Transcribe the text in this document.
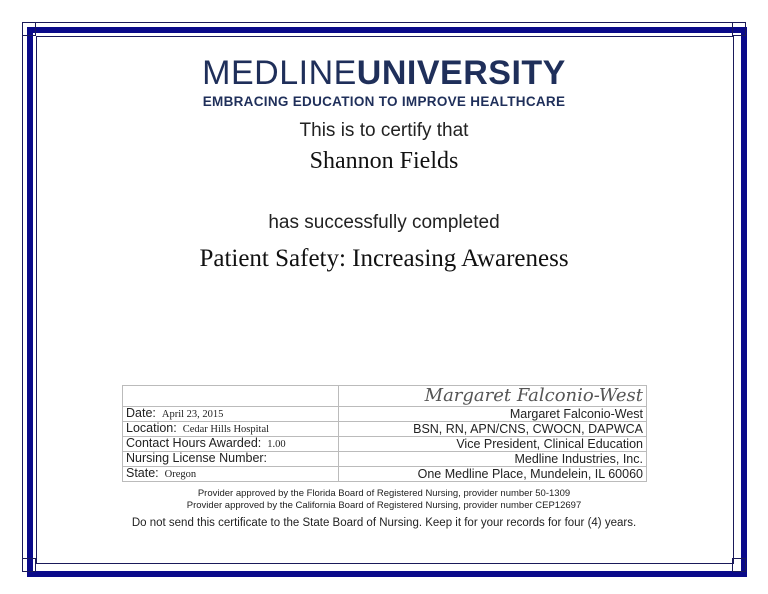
MEDLINEUNIVERSITY
EMBRACING EDUCATION TO IMPROVE HEALTHCARE
This is to certify that
Shannon Fields
has successfully completed
Patient Safety: Increasing Awareness
	Margaret Falconio-West
Date: April 23, 2015	Margaret Falconio-West
Location: Cedar Hills Hospital	BSN, RN, APN/CNS, CWOCN, DAPWCA
Contact Hours Awarded: 1.00	Vice President, Clinical Education
Nursing License Number:	Medline Industries, Inc.
State: Oregon	One Medline Place, Mundelein, IL 60060
Provider approved by the Florida Board of Registered Nursing, provider number 50-1309
Provider approved by the California Board of Registered Nursing, provider number CEP12697
Do not send this certificate to the State Board of Nursing. Keep it for your records for four (4) years.
